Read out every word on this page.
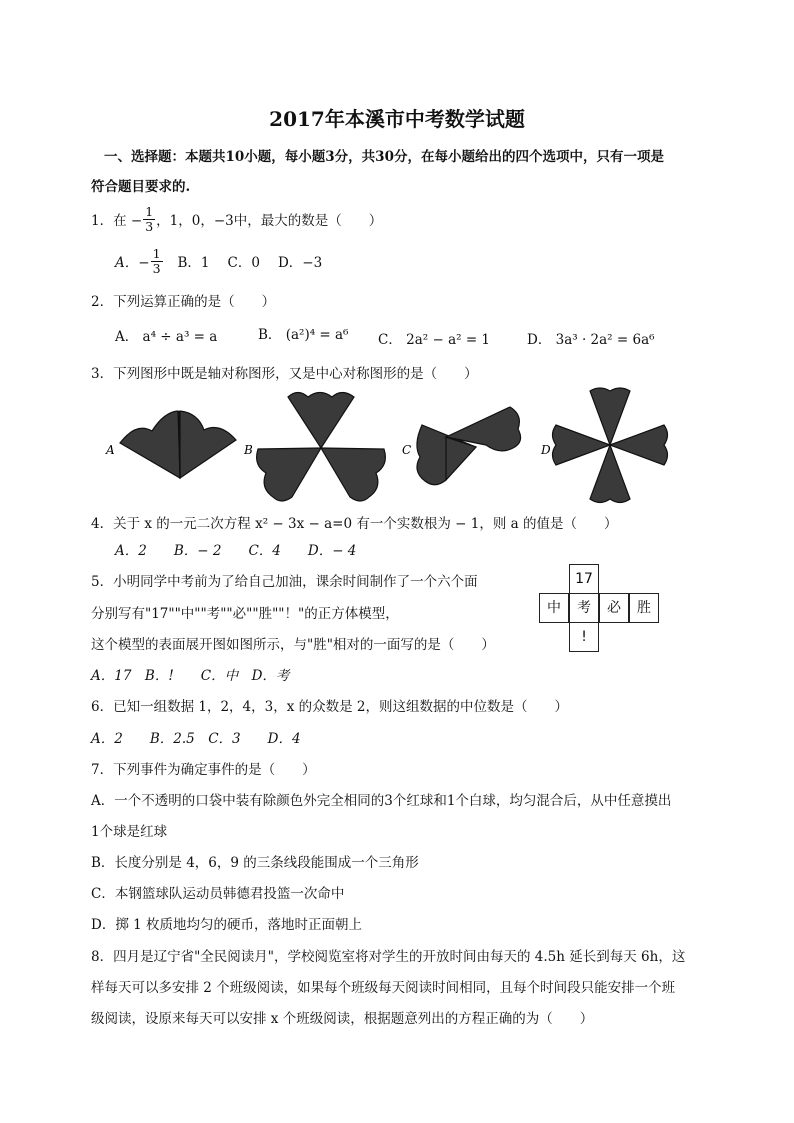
2017年本溪市中考数学试题
一、选择题：本题共10小题，每小题3分，共30分，在每小题给出的四个选项中，只有一项是
符合题目要求的.
1．在 − $\frac{1}{3}$ ，1，0，−3中，最大的数是（　　）
A．− $\frac{1}{3}$ B．1 C．0 D．−3
2．下列运算正确的是（　　）
A． a⁴ ÷ a³ = a	B． (a²)⁴ = a⁶ C． 2a² − a² = 1	D． 3a³ · 2a² = 6a⁶
3．下列图形中既是轴对称图形，又是中心对称图形的是（　　）
A	B	C	D
4．关于 x 的一元二次方程 x² − 3x − a=0 有一个实数根为 − 1，则 a 的值是（　　）
A．2　　B．− 2　　C．4　　D．− 4
5．小明同学中考前为了给自己加油，课余时间制作了一个六个面
分别写有"17""中""考""必""胜""！"的正方体模型，
这个模型的表面展开图如图所示，与"胜"相对的一面写的是（　　）
A．17　B．!　　C．中　D．考
17
中	考	必	胜
!
6．已知一组数据 1，2，4，3，x 的众数是 2，则这组数据的中位数是（　　）
A．2　　B．2.5　C．3　　D．4
7．下列事件为确定事件的是（　　）
A．一个不透明的口袋中装有除颜色外完全相同的3个红球和1个白球，均匀混合后，从中任意摸出
1个球是红球
B．长度分别是 4，6，9 的三条线段能围成一个三角形
C．本钢篮球队运动员韩德君投篮一次命中
D．掷 1 枚质地均匀的硬币，落地时正面朝上
8．四月是辽宁省"全民阅读月"，学校阅览室将对学生的开放时间由每天的 4.5h 延长到每天 6h，这
样每天可以多安排 2 个班级阅读，如果每个班级每天阅读时间相同，且每个时间段只能安排一个班
级阅读，设原来每天可以安排 x 个班级阅读，根据题意列出的方程正确的为（　　）
